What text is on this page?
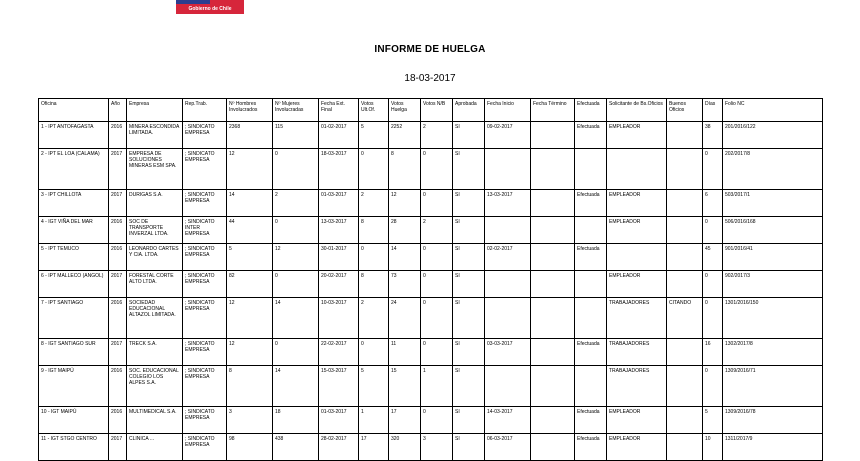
Gobierno de Chile
INFORME DE HUELGA
18-03-2017
Oficina	Año	Empresa	Rep.Trab.	Nº Hombres Involucrados	Nº Mujeres Involucradas	Fecha Ext. Final	Votos Ult.Of.	Votos Huelga	Votos N/B	Aprobada	Fecha Inicio	Fecha Término	Efectuada	Solicitante de Bs.Oficios	Buenos Oficios	Días	Folio NC
1 - IPT ANTOFAGASTA	2016	MINERA ESCONDIDA LIMITADA.	; SINDICATO EMPRESA	2368	115	01-02-2017	5	2252	2	SI	09-02-2017		Efectuada	EMPLEADOR		38	201/2016/122
2 - IPT EL LOA (CALAMA)	2017	EMPRESA DE SOLUCIONES MINERAS ESM SPA.	; SINDICATO EMPRESA	12	0	18-03-2017	0	8	0	SI						0	202/2017/8
3 - IPT CHILLOTA	2017	DURIGAS S.A.	; SINDICATO EMPRESA	14	2	01-03-2017	2	12	0	SI	13-03-2017		Efectuada	EMPLEADOR		6	503/2017/1
4 - IGT VIÑA DEL MAR	2016	SOC DE TRANSPORTE INVERZAL LTDA.	; SINDICATO INTER EMPRESA	44	0	13-03-2017	8	28	2	SI				EMPLEADOR		0	506/2016/168
5 - IPT TEMUCO	2016	LEONARDO CARTES Y CIA. LTDA.	; SINDICATO EMPRESA	5	12	30-01-2017	0	14	0	SI	02-02-2017		Efectuada			45	901/2016/41
6 - IPT MALLECO (ANGOL)	2017	FORESTAL CORTE ALTO LTDA.	; SINDICATO EMPRESA	82	0	20-02-2017	8	73	0	SI				EMPLEADOR		0	902/2017/3
7 - IPT SANTIAGO	2016	SOCIEDAD EDUCACIONAL ALTAZOL LIMITADA.	; SINDICATO EMPRESA	12	14	10-03-2017	2	24	0	SI				TRABAJADORES	CITANDO	0	1301/2016/150
8 - IGT SANTIAGO SUR	2017	TRECK S.A.	; SINDICATO EMPRESA	12	0	22-02-2017	0	11	0	SI	03-03-2017		Efectuada	TRABAJADORES		16	1302/2017/8
9 - IGT MAIPÚ	2016	SOC. EDUCACIONAL COLEGIO LOS ALPES S.A.	; SINDICATO EMPRESA	8	14	15-03-2017	5	15	1	SI				TRABAJADORES		0	1309/2016/71
10 - IGT MAIPÚ	2016	MULTIMEDICAL S.A.	; SINDICATO EMPRESA	3	18	01-03-2017	1	17	0	SI	14-03-2017		Efectuada	EMPLEADOR		5	1309/2016/78
11 - IGT STGO CENTRO	2017	CLINICA ...	; SINDICATO EMPRESA	98	438	28-02-2017	17	320	3	SI	06-03-2017		Efectuada	EMPLEADOR		10	1311/2017/9
